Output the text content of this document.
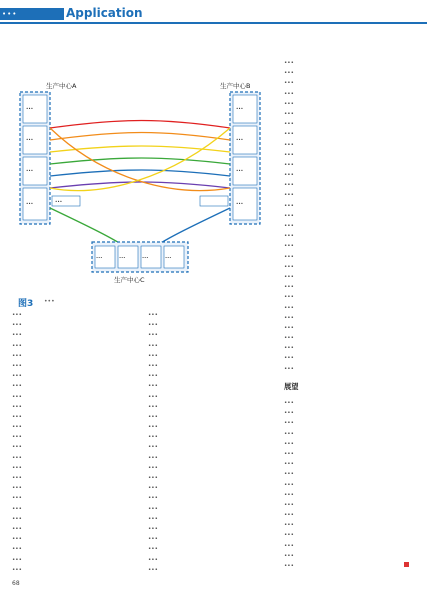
•••	Application
生产中心A	生产中心B
生产中心C
•••
•••
•••
•••
•••
•••
•••
•••
•••
•••	•••	•••	•••
图3 •••
•••
•••
•••
•••
•••
•••
•••
•••
•••
•••
•••
•••
•••
•••
•••
•••
•••
•••
•••
•••
•••
•••
•••
•••
•••
•••
•••
•••
•••
•••
•••
•••
•••
•••
•••
•••
•••
•••
•••
•••
•••
•••
•••
•••
•••
•••
•••
•••
•••
•••
•••
•••
•••
•••
•••
•••
•••
•••
•••
•••
•••
•••
•••
•••
•••
•••
•••
•••
•••
•••
•••
•••
•••
•••
•••
•••
•••
•••
•••
•••
•••
•••
•••
展望
•••
•••
•••
•••
•••
•••
•••
•••
•••
•••
•••
•••
•••
•••
•••
•••
•••
68
